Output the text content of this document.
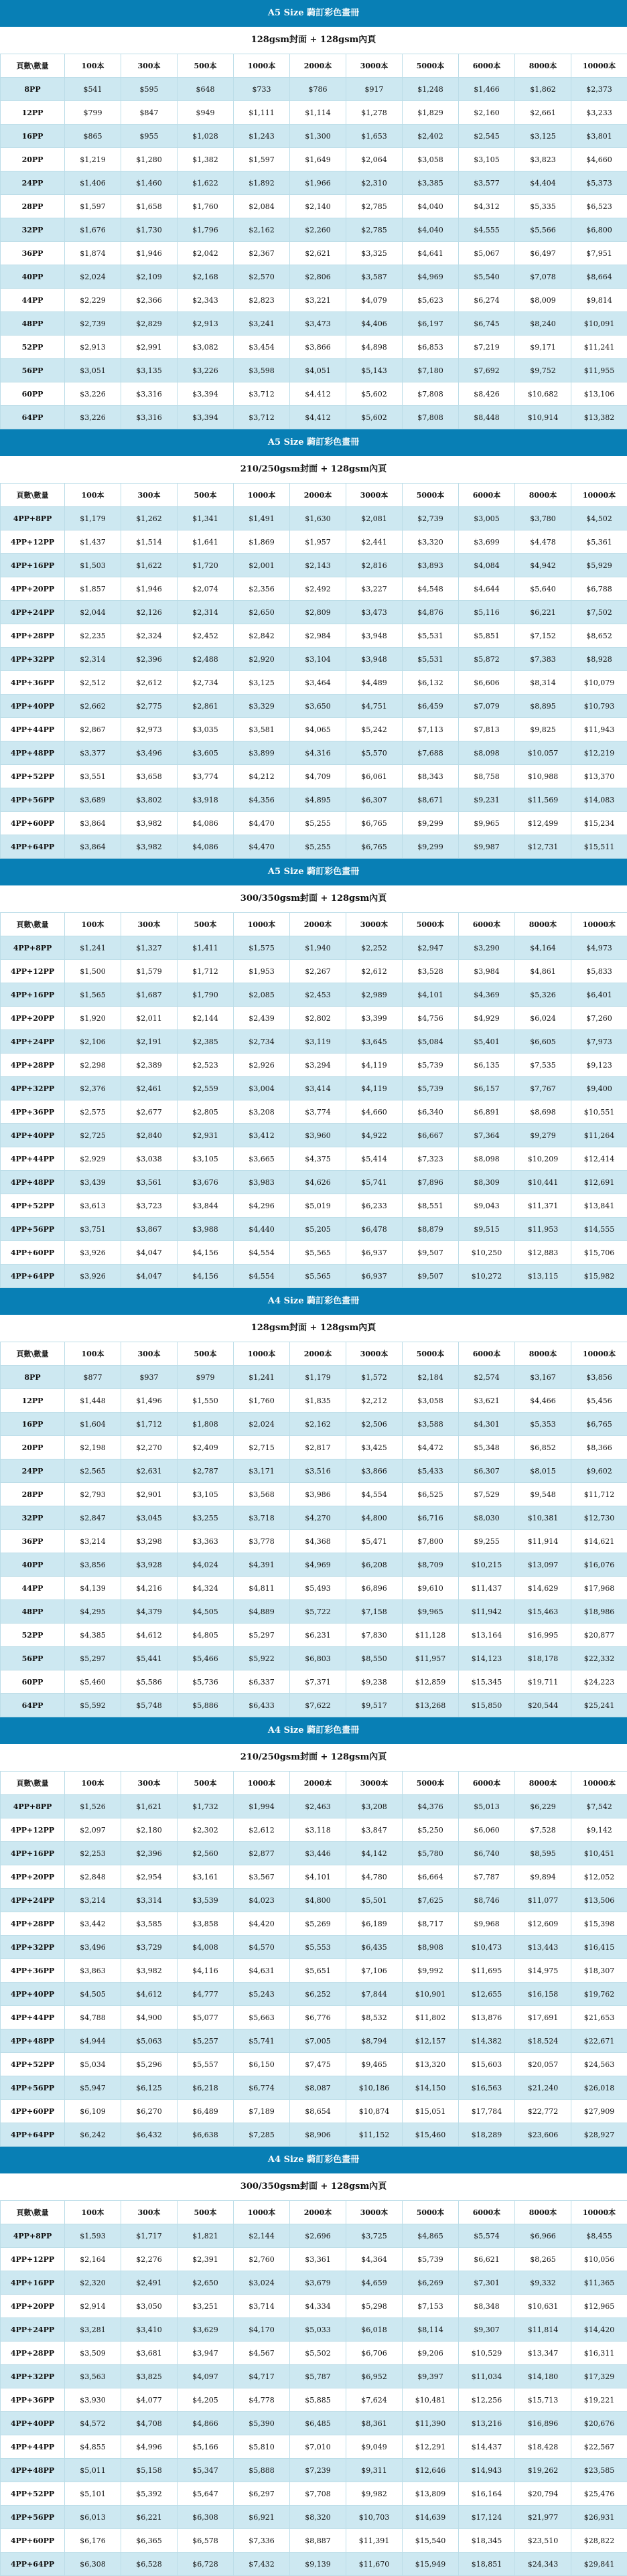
A5 Size 騎訂彩色畫冊
128gsm封面 + 128gsm內頁
頁數\數量	100本	300本	500本	1000本	2000本	3000本	5000本	6000本	8000本	10000本
8PP	$541	$595	$648	$733	$786	$917	$1,248	$1,466	$1,862	$2,373
12PP	$799	$847	$949	$1,111	$1,114	$1,278	$1,829	$2,160	$2,661	$3,233
16PP	$865	$955	$1,028	$1,243	$1,300	$1,653	$2,402	$2,545	$3,125	$3,801
20PP	$1,219	$1,280	$1,382	$1,597	$1,649	$2,064	$3,058	$3,105	$3,823	$4,660
24PP	$1,406	$1,460	$1,622	$1,892	$1,966	$2,310	$3,385	$3,577	$4,404	$5,373
28PP	$1,597	$1,658	$1,760	$2,084	$2,140	$2,785	$4,040	$4,312	$5,335	$6,523
32PP	$1,676	$1,730	$1,796	$2,162	$2,260	$2,785	$4,040	$4,555	$5,566	$6,800
36PP	$1,874	$1,946	$2,042	$2,367	$2,621	$3,325	$4,641	$5,067	$6,497	$7,951
40PP	$2,024	$2,109	$2,168	$2,570	$2,806	$3,587	$4,969	$5,540	$7,078	$8,664
44PP	$2,229	$2,366	$2,343	$2,823	$3,221	$4,079	$5,623	$6,274	$8,009	$9,814
48PP	$2,739	$2,829	$2,913	$3,241	$3,473	$4,406	$6,197	$6,745	$8,240	$10,091
52PP	$2,913	$2,991	$3,082	$3,454	$3,866	$4,898	$6,853	$7,219	$9,171	$11,241
56PP	$3,051	$3,135	$3,226	$3,598	$4,051	$5,143	$7,180	$7,692	$9,752	$11,955
60PP	$3,226	$3,316	$3,394	$3,712	$4,412	$5,602	$7,808	$8,426	$10,682	$13,106
64PP	$3,226	$3,316	$3,394	$3,712	$4,412	$5,602	$7,808	$8,448	$10,914	$13,382
A5 Size 騎訂彩色畫冊
210/250gsm封面 + 128gsm內頁
頁數\數量	100本	300本	500本	1000本	2000本	3000本	5000本	6000本	8000本	10000本
4PP+8PP	$1,179	$1,262	$1,341	$1,491	$1,630	$2,081	$2,739	$3,005	$3,780	$4,502
4PP+12PP	$1,437	$1,514	$1,641	$1,869	$1,957	$2,441	$3,320	$3,699	$4,478	$5,361
4PP+16PP	$1,503	$1,622	$1,720	$2,001	$2,143	$2,816	$3,893	$4,084	$4,942	$5,929
4PP+20PP	$1,857	$1,946	$2,074	$2,356	$2,492	$3,227	$4,548	$4,644	$5,640	$6,788
4PP+24PP	$2,044	$2,126	$2,314	$2,650	$2,809	$3,473	$4,876	$5,116	$6,221	$7,502
4PP+28PP	$2,235	$2,324	$2,452	$2,842	$2,984	$3,948	$5,531	$5,851	$7,152	$8,652
4PP+32PP	$2,314	$2,396	$2,488	$2,920	$3,104	$3,948	$5,531	$5,872	$7,383	$8,928
4PP+36PP	$2,512	$2,612	$2,734	$3,125	$3,464	$4,489	$6,132	$6,606	$8,314	$10,079
4PP+40PP	$2,662	$2,775	$2,861	$3,329	$3,650	$4,751	$6,459	$7,079	$8,895	$10,793
4PP+44PP	$2,867	$2,973	$3,035	$3,581	$4,065	$5,242	$7,113	$7,813	$9,825	$11,943
4PP+48PP	$3,377	$3,496	$3,605	$3,899	$4,316	$5,570	$7,688	$8,098	$10,057	$12,219
4PP+52PP	$3,551	$3,658	$3,774	$4,212	$4,709	$6,061	$8,343	$8,758	$10,988	$13,370
4PP+56PP	$3,689	$3,802	$3,918	$4,356	$4,895	$6,307	$8,671	$9,231	$11,569	$14,083
4PP+60PP	$3,864	$3,982	$4,086	$4,470	$5,255	$6,765	$9,299	$9,965	$12,499	$15,234
4PP+64PP	$3,864	$3,982	$4,086	$4,470	$5,255	$6,765	$9,299	$9,987	$12,731	$15,511
A5 Size 騎訂彩色畫冊
300/350gsm封面 + 128gsm內頁
頁數\數量	100本	300本	500本	1000本	2000本	3000本	5000本	6000本	8000本	10000本
4PP+8PP	$1,241	$1,327	$1,411	$1,575	$1,940	$2,252	$2,947	$3,290	$4,164	$4,973
4PP+12PP	$1,500	$1,579	$1,712	$1,953	$2,267	$2,612	$3,528	$3,984	$4,861	$5,833
4PP+16PP	$1,565	$1,687	$1,790	$2,085	$2,453	$2,989	$4,101	$4,369	$5,326	$6,401
4PP+20PP	$1,920	$2,011	$2,144	$2,439	$2,802	$3,399	$4,756	$4,929	$6,024	$7,260
4PP+24PP	$2,106	$2,191	$2,385	$2,734	$3,119	$3,645	$5,084	$5,401	$6,605	$7,973
4PP+28PP	$2,298	$2,389	$2,523	$2,926	$3,294	$4,119	$5,739	$6,135	$7,535	$9,123
4PP+32PP	$2,376	$2,461	$2,559	$3,004	$3,414	$4,119	$5,739	$6,157	$7,767	$9,400
4PP+36PP	$2,575	$2,677	$2,805	$3,208	$3,774	$4,660	$6,340	$6,891	$8,698	$10,551
4PP+40PP	$2,725	$2,840	$2,931	$3,412	$3,960	$4,922	$6,667	$7,364	$9,279	$11,264
4PP+44PP	$2,929	$3,038	$3,105	$3,665	$4,375	$5,414	$7,323	$8,098	$10,209	$12,414
4PP+48PP	$3,439	$3,561	$3,676	$3,983	$4,626	$5,741	$7,896	$8,309	$10,441	$12,691
4PP+52PP	$3,613	$3,723	$3,844	$4,296	$5,019	$6,233	$8,551	$9,043	$11,371	$13,841
4PP+56PP	$3,751	$3,867	$3,988	$4,440	$5,205	$6,478	$8,879	$9,515	$11,953	$14,555
4PP+60PP	$3,926	$4,047	$4,156	$4,554	$5,565	$6,937	$9,507	$10,250	$12,883	$15,706
4PP+64PP	$3,926	$4,047	$4,156	$4,554	$5,565	$6,937	$9,507	$10,272	$13,115	$15,982
A4 Size 騎訂彩色畫冊
128gsm封面 + 128gsm內頁
頁數\數量	100本	300本	500本	1000本	2000本	3000本	5000本	6000本	8000本	10000本
8PP	$877	$937	$979	$1,241	$1,179	$1,572	$2,184	$2,574	$3,167	$3,856
12PP	$1,448	$1,496	$1,550	$1,760	$1,835	$2,212	$3,058	$3,621	$4,466	$5,456
16PP	$1,604	$1,712	$1,808	$2,024	$2,162	$2,506	$3,588	$4,301	$5,353	$6,765
20PP	$2,198	$2,270	$2,409	$2,715	$2,817	$3,425	$4,472	$5,348	$6,852	$8,366
24PP	$2,565	$2,631	$2,787	$3,171	$3,516	$3,866	$5,433	$6,307	$8,015	$9,602
28PP	$2,793	$2,901	$3,105	$3,568	$3,986	$4,554	$6,525	$7,529	$9,548	$11,712
32PP	$2,847	$3,045	$3,255	$3,718	$4,270	$4,800	$6,716	$8,030	$10,381	$12,730
36PP	$3,214	$3,298	$3,363	$3,778	$4,368	$5,471	$7,800	$9,255	$11,914	$14,621
40PP	$3,856	$3,928	$4,024	$4,391	$4,969	$6,208	$8,709	$10,215	$13,097	$16,076
44PP	$4,139	$4,216	$4,324	$4,811	$5,493	$6,896	$9,610	$11,437	$14,629	$17,968
48PP	$4,295	$4,379	$4,505	$4,889	$5,722	$7,158	$9,965	$11,942	$15,463	$18,986
52PP	$4,385	$4,612	$4,805	$5,297	$6,231	$7,830	$11,128	$13,164	$16,995	$20,877
56PP	$5,297	$5,441	$5,466	$5,922	$6,803	$8,550	$11,957	$14,123	$18,178	$22,332
60PP	$5,460	$5,586	$5,736	$6,337	$7,371	$9,238	$12,859	$15,345	$19,711	$24,223
64PP	$5,592	$5,748	$5,886	$6,433	$7,622	$9,517	$13,268	$15,850	$20,544	$25,241
A4 Size 騎訂彩色畫冊
210/250gsm封面 + 128gsm內頁
頁數\數量	100本	300本	500本	1000本	2000本	3000本	5000本	6000本	8000本	10000本
4PP+8PP	$1,526	$1,621	$1,732	$1,994	$2,463	$3,208	$4,376	$5,013	$6,229	$7,542
4PP+12PP	$2,097	$2,180	$2,302	$2,612	$3,118	$3,847	$5,250	$6,060	$7,528	$9,142
4PP+16PP	$2,253	$2,396	$2,560	$2,877	$3,446	$4,142	$5,780	$6,740	$8,595	$10,451
4PP+20PP	$2,848	$2,954	$3,161	$3,567	$4,101	$4,780	$6,664	$7,787	$9,894	$12,052
4PP+24PP	$3,214	$3,314	$3,539	$4,023	$4,800	$5,501	$7,625	$8,746	$11,077	$13,506
4PP+28PP	$3,442	$3,585	$3,858	$4,420	$5,269	$6,189	$8,717	$9,968	$12,609	$15,398
4PP+32PP	$3,496	$3,729	$4,008	$4,570	$5,553	$6,435	$8,908	$10,473	$13,443	$16,415
4PP+36PP	$3,863	$3,982	$4,116	$4,631	$5,651	$7,106	$9,992	$11,695	$14,975	$18,307
4PP+40PP	$4,505	$4,612	$4,777	$5,243	$6,252	$7,844	$10,901	$12,655	$16,158	$19,762
4PP+44PP	$4,788	$4,900	$5,077	$5,663	$6,776	$8,532	$11,802	$13,876	$17,691	$21,653
4PP+48PP	$4,944	$5,063	$5,257	$5,741	$7,005	$8,794	$12,157	$14,382	$18,524	$22,671
4PP+52PP	$5,034	$5,296	$5,557	$6,150	$7,475	$9,465	$13,320	$15,603	$20,057	$24,563
4PP+56PP	$5,947	$6,125	$6,218	$6,774	$8,087	$10,186	$14,150	$16,563	$21,240	$26,018
4PP+60PP	$6,109	$6,270	$6,489	$7,189	$8,654	$10,874	$15,051	$17,784	$22,772	$27,909
4PP+64PP	$6,242	$6,432	$6,638	$7,285	$8,906	$11,152	$15,460	$18,289	$23,606	$28,927
A4 Size 騎訂彩色畫冊
300/350gsm封面 + 128gsm內頁
頁數\數量	100本	300本	500本	1000本	2000本	3000本	5000本	6000本	8000本	10000本
4PP+8PP	$1,593	$1,717	$1,821	$2,144	$2,696	$3,725	$4,865	$5,574	$6,966	$8,455
4PP+12PP	$2,164	$2,276	$2,391	$2,760	$3,361	$4,364	$5,739	$6,621	$8,265	$10,056
4PP+16PP	$2,320	$2,491	$2,650	$3,024	$3,679	$4,659	$6,269	$7,301	$9,332	$11,365
4PP+20PP	$2,914	$3,050	$3,251	$3,714	$4,334	$5,298	$7,153	$8,348	$10,631	$12,965
4PP+24PP	$3,281	$3,410	$3,629	$4,170	$5,033	$6,018	$8,114	$9,307	$11,814	$14,420
4PP+28PP	$3,509	$3,681	$3,947	$4,567	$5,502	$6,706	$9,206	$10,529	$13,347	$16,311
4PP+32PP	$3,563	$3,825	$4,097	$4,717	$5,787	$6,952	$9,397	$11,034	$14,180	$17,329
4PP+36PP	$3,930	$4,077	$4,205	$4,778	$5,885	$7,624	$10,481	$12,256	$15,713	$19,221
4PP+40PP	$4,572	$4,708	$4,866	$5,390	$6,485	$8,361	$11,390	$13,216	$16,896	$20,676
4PP+44PP	$4,855	$4,996	$5,166	$5,810	$7,010	$9,049	$12,291	$14,437	$18,428	$22,567
4PP+48PP	$5,011	$5,158	$5,347	$5,888	$7,239	$9,311	$12,646	$14,943	$19,262	$23,585
4PP+52PP	$5,101	$5,392	$5,647	$6,297	$7,708	$9,982	$13,809	$16,164	$20,794	$25,476
4PP+56PP	$6,013	$6,221	$6,308	$6,921	$8,320	$10,703	$14,639	$17,124	$21,977	$26,931
4PP+60PP	$6,176	$6,365	$6,578	$7,336	$8,887	$11,391	$15,540	$18,345	$23,510	$28,822
4PP+64PP	$6,308	$6,528	$6,728	$7,432	$9,139	$11,670	$15,949	$18,851	$24,343	$29,841
